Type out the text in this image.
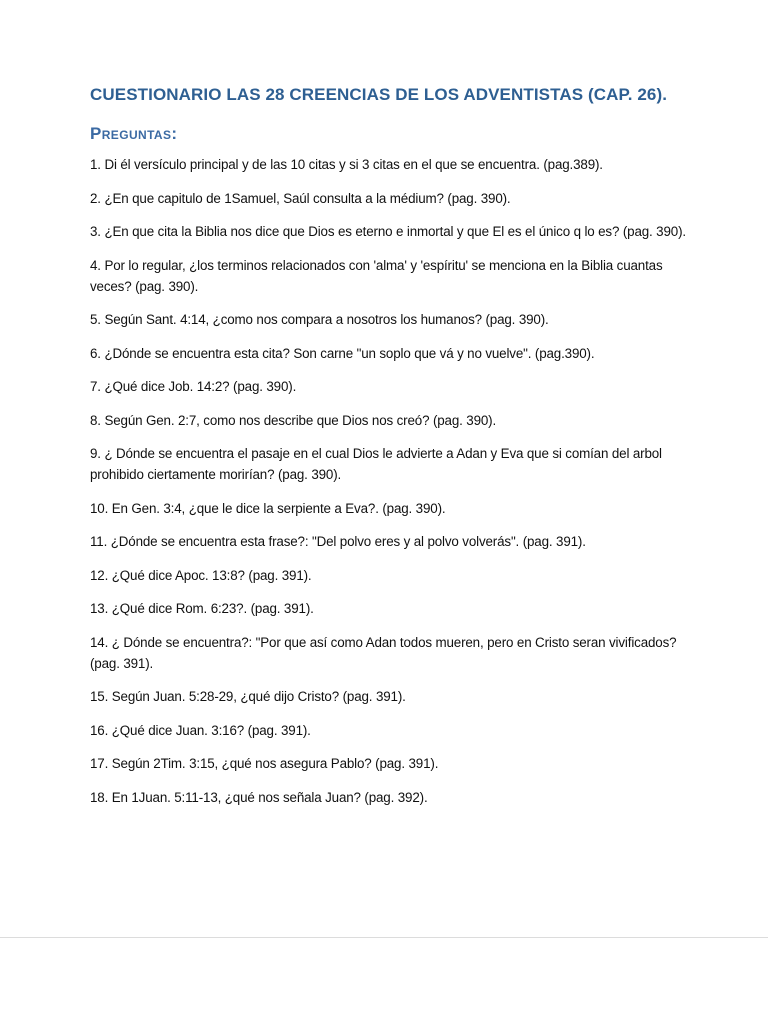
CUESTIONARIO LAS 28 CREENCIAS DE LOS ADVENTISTAS (CAP. 26).
Preguntas:
1. Di él versículo principal y de las 10 citas y si 3 citas en el que se encuentra. (pag.389).
2. ¿En que capitulo de 1Samuel, Saúl consulta a la médium? (pag. 390).
3. ¿En que cita la Biblia nos dice que Dios es eterno e inmortal y que El es el único q lo es? (pag. 390).
4. Por lo regular, ¿los terminos relacionados con 'alma' y 'espíritu' se menciona en la Biblia cuantas veces? (pag. 390).
5. Según Sant. 4:14, ¿como nos compara a nosotros los humanos? (pag. 390).
6. ¿Dónde se encuentra esta cita? Son carne "un soplo que vá y no vuelve". (pag.390).
7. ¿Qué dice Job. 14:2? (pag. 390).
8. Según Gen. 2:7, como nos describe que Dios nos creó? (pag. 390).
9. ¿ Dónde se encuentra el pasaje en el cual Dios le advierte a Adan y Eva que si comían del arbol prohibido ciertamente morirían? (pag. 390).
10. En Gen. 3:4, ¿que le dice la serpiente a Eva?. (pag. 390).
11. ¿Dónde se encuentra esta frase?: "Del polvo eres y al polvo volverás". (pag. 391).
12. ¿Qué dice Apoc. 13:8? (pag. 391).
13. ¿Qué dice Rom. 6:23?. (pag. 391).
14. ¿ Dónde se encuentra?: "Por que así como Adan todos mueren, pero en Cristo seran vivificados? (pag. 391).
15. Según Juan. 5:28-29, ¿qué dijo Cristo? (pag. 391).
16. ¿Qué dice Juan. 3:16? (pag. 391).
17. Según 2Tim. 3:15, ¿qué nos asegura Pablo? (pag. 391).
18. En 1Juan. 5:11-13, ¿qué nos señala Juan? (pag. 392).
